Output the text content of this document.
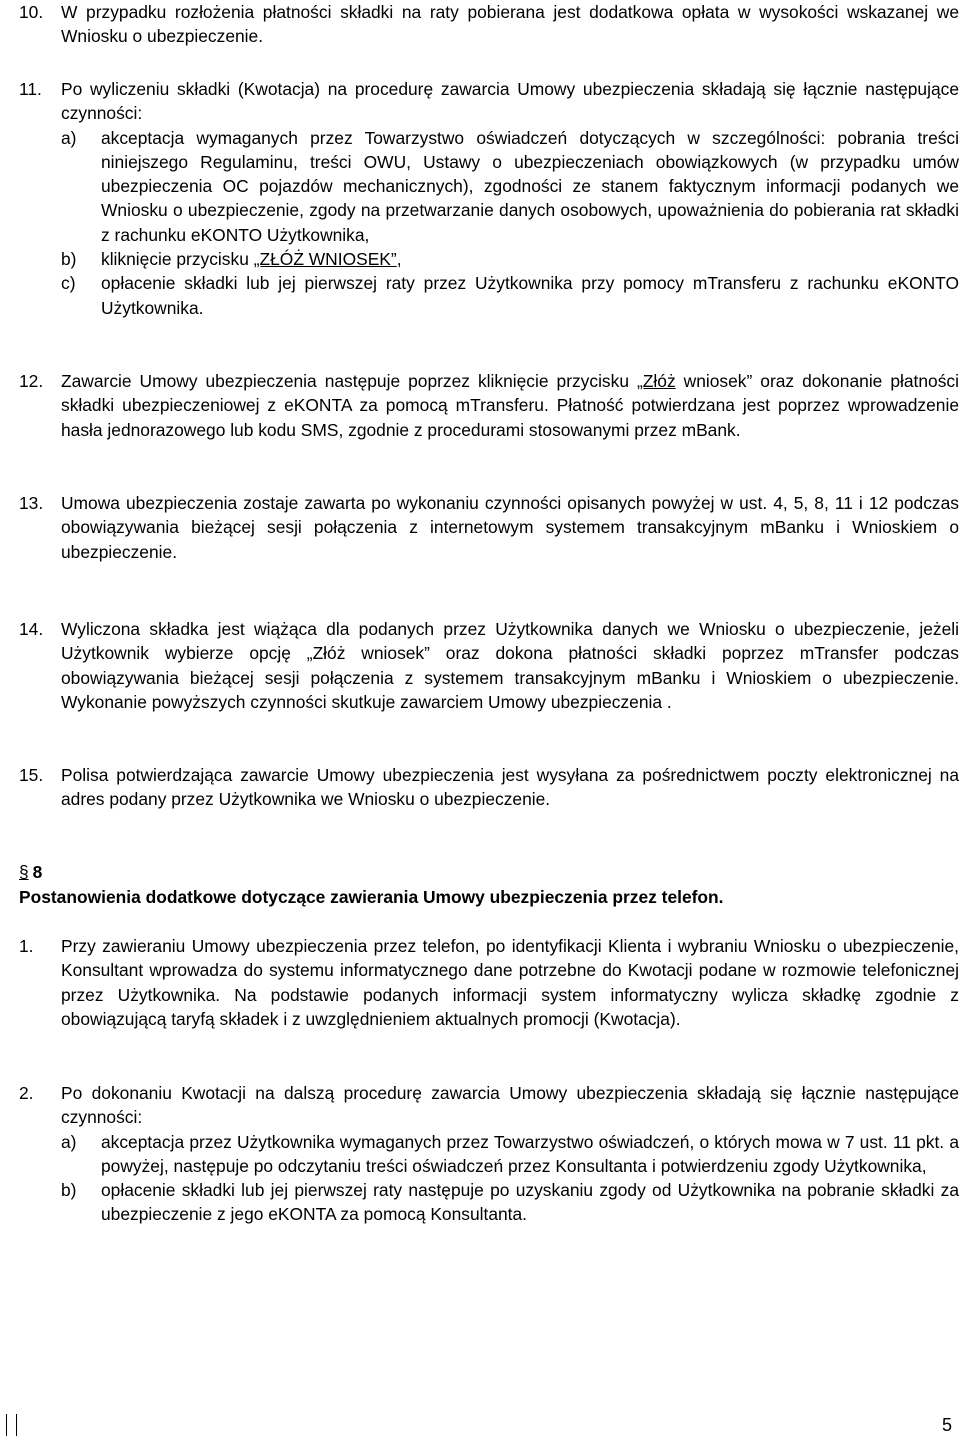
10.	W przypadku rozłożenia płatności składki na raty pobierana jest dodatkowa opłata w wysokości wskazanej we Wniosku o ubezpieczenie.
11.	Po wyliczeniu składki (Kwotacja) na procedurę zawarcia Umowy ubezpieczenia składają się łącznie następujące czynności:
a) akceptacja wymaganych przez Towarzystwo oświadczeń dotyczących w szczególności: pobrania treści niniejszego Regulaminu, treści OWU, Ustawy o ubezpieczeniach obowiązkowych (w przypadku umów ubezpieczenia OC pojazdów mechanicznych), zgodności ze stanem faktycznym informacji podanych we Wniosku o ubezpieczenie, zgody na przetwarzanie danych osobowych, upoważnienia do pobierania rat składki z rachunku eKONTO Użytkownika,
b) kliknięcie przycisku „ZŁÓŻ WNIOSEK”,
c) opłacenie składki lub jej pierwszej raty przez Użytkownika przy pomocy mTransferu z rachunku eKONTO Użytkownika.
12.	Zawarcie Umowy ubezpieczenia następuje poprzez kliknięcie przycisku „Złóż wniosek” oraz dokonanie płatności składki ubezpieczeniowej z eKONTA za pomocą mTransferu. Płatność potwierdzana jest poprzez wprowadzenie hasła jednorazowego lub kodu SMS, zgodnie z procedurami stosowanymi przez mBank.
13.	Umowa ubezpieczenia zostaje zawarta po wykonaniu czynności opisanych powyżej w ust. 4, 5, 8, 11 i 12 podczas obowiązywania bieżącej sesji połączenia z internetowym systemem transakcyjnym mBanku i Wnioskiem o ubezpieczenie.
14.	Wyliczona składka jest wiążąca dla podanych przez Użytkownika danych we Wniosku o ubezpieczenie, jeżeli Użytkownik wybierze opcję „Złóż wniosek” oraz dokona płatności składki poprzez mTransfer podczas obowiązywania bieżącej sesji połączenia z systemem transakcyjnym mBanku i Wnioskiem o ubezpieczenie. Wykonanie powyższych czynności skutkuje zawarciem Umowy ubezpieczenia .
15.	Polisa potwierdzająca zawarcie Umowy ubezpieczenia jest wysyłana za pośrednictwem poczty elektronicznej na adres podany przez Użytkownika we Wniosku o ubezpieczenie.
§ 8
Postanowienia dodatkowe dotyczące zawierania Umowy ubezpieczenia przez telefon.
1.	Przy zawieraniu Umowy ubezpieczenia przez telefon, po identyfikacji Klienta i wybraniu Wniosku o ubezpieczenie, Konsultant wprowadza do systemu informatycznego dane potrzebne do Kwotacji podane w rozmowie telefonicznej przez Użytkownika. Na podstawie podanych informacji system informatyczny wylicza składkę zgodnie z obowiązującą taryfą składek i z uwzględnieniem aktualnych promocji (Kwotacja).
2.	Po dokonaniu Kwotacji na dalszą procedurę zawarcia Umowy ubezpieczenia składają się łącznie następujące czynności:
a) akceptacja przez Użytkownika wymaganych przez Towarzystwo oświadczeń, o których mowa w 7 ust. 11 pkt. a powyżej, następuje po odczytaniu treści oświadczeń przez Konsultanta i potwierdzeniu zgody Użytkownika,
b) opłacenie składki lub jej pierwszej raty następuje po uzyskaniu zgody od Użytkownika na pobranie składki za ubezpieczenie z jego eKONTA za pomocą Konsultanta.
5
